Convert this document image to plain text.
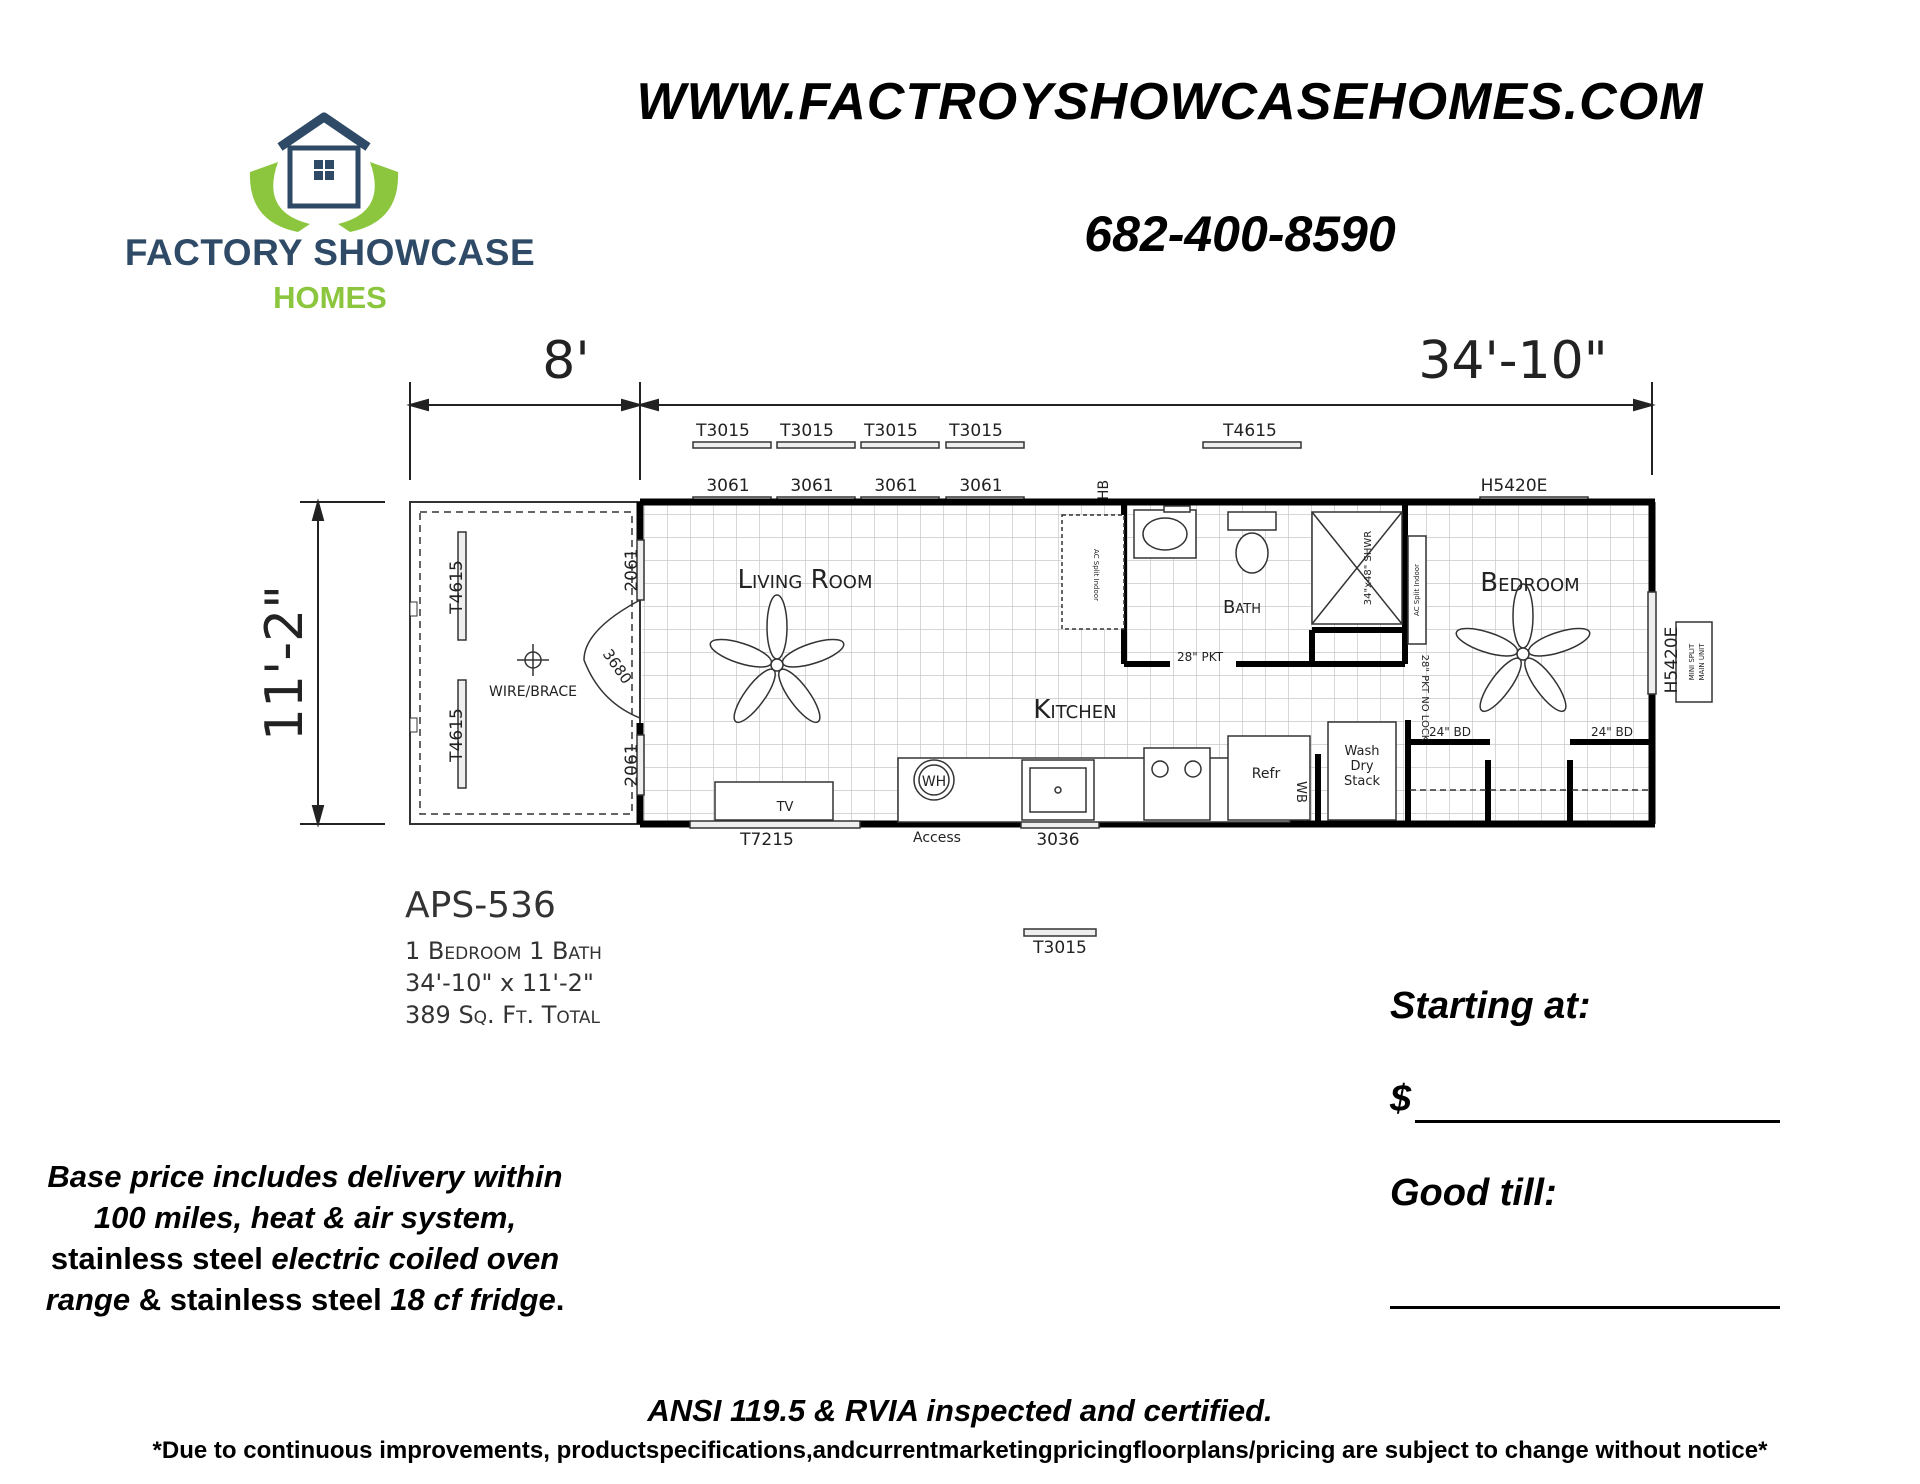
WWW.FACTROYSHOWCASEHOMES.COM
682-400-8590
FACTORY SHOWCASE
HOMES
8'	34'-10"
11'-2"
T3015 T3015 T3015 T3015	T4615
3061 3061 3061 3061	H5420E
HB
T4615
T4615
WIRE/BRACE
3680
2061
2061
T7215	Access	3036
T3015
TV
WH	Refr
WB
Wash
Dry
Stack
AC Split Indoor	34"x48" SHWR	AC Split Indoor
24" BD	24" BD
28" PKT	28" PKT NO LOCK	MINI SPLIT MAIN UNIT
H5420E
Living Room
Kitchen
Bath
Bedroom
APS-536
1 Bedroom 1 Bath
34'-10" x 11'-2"
389 Sq. Ft. Total	Starting at:
$
Good till:
Base price includes delivery within 100 miles, heat & air system, stainless steel electric coiled oven range & stainless steel 18 cf fridge.
ANSI 119.5 & RVIA inspected and certified.
*Due to continuous improvements, productspecifications,andcurrentmarketingpricingfloorplans/pricing are subject to change without notice*
